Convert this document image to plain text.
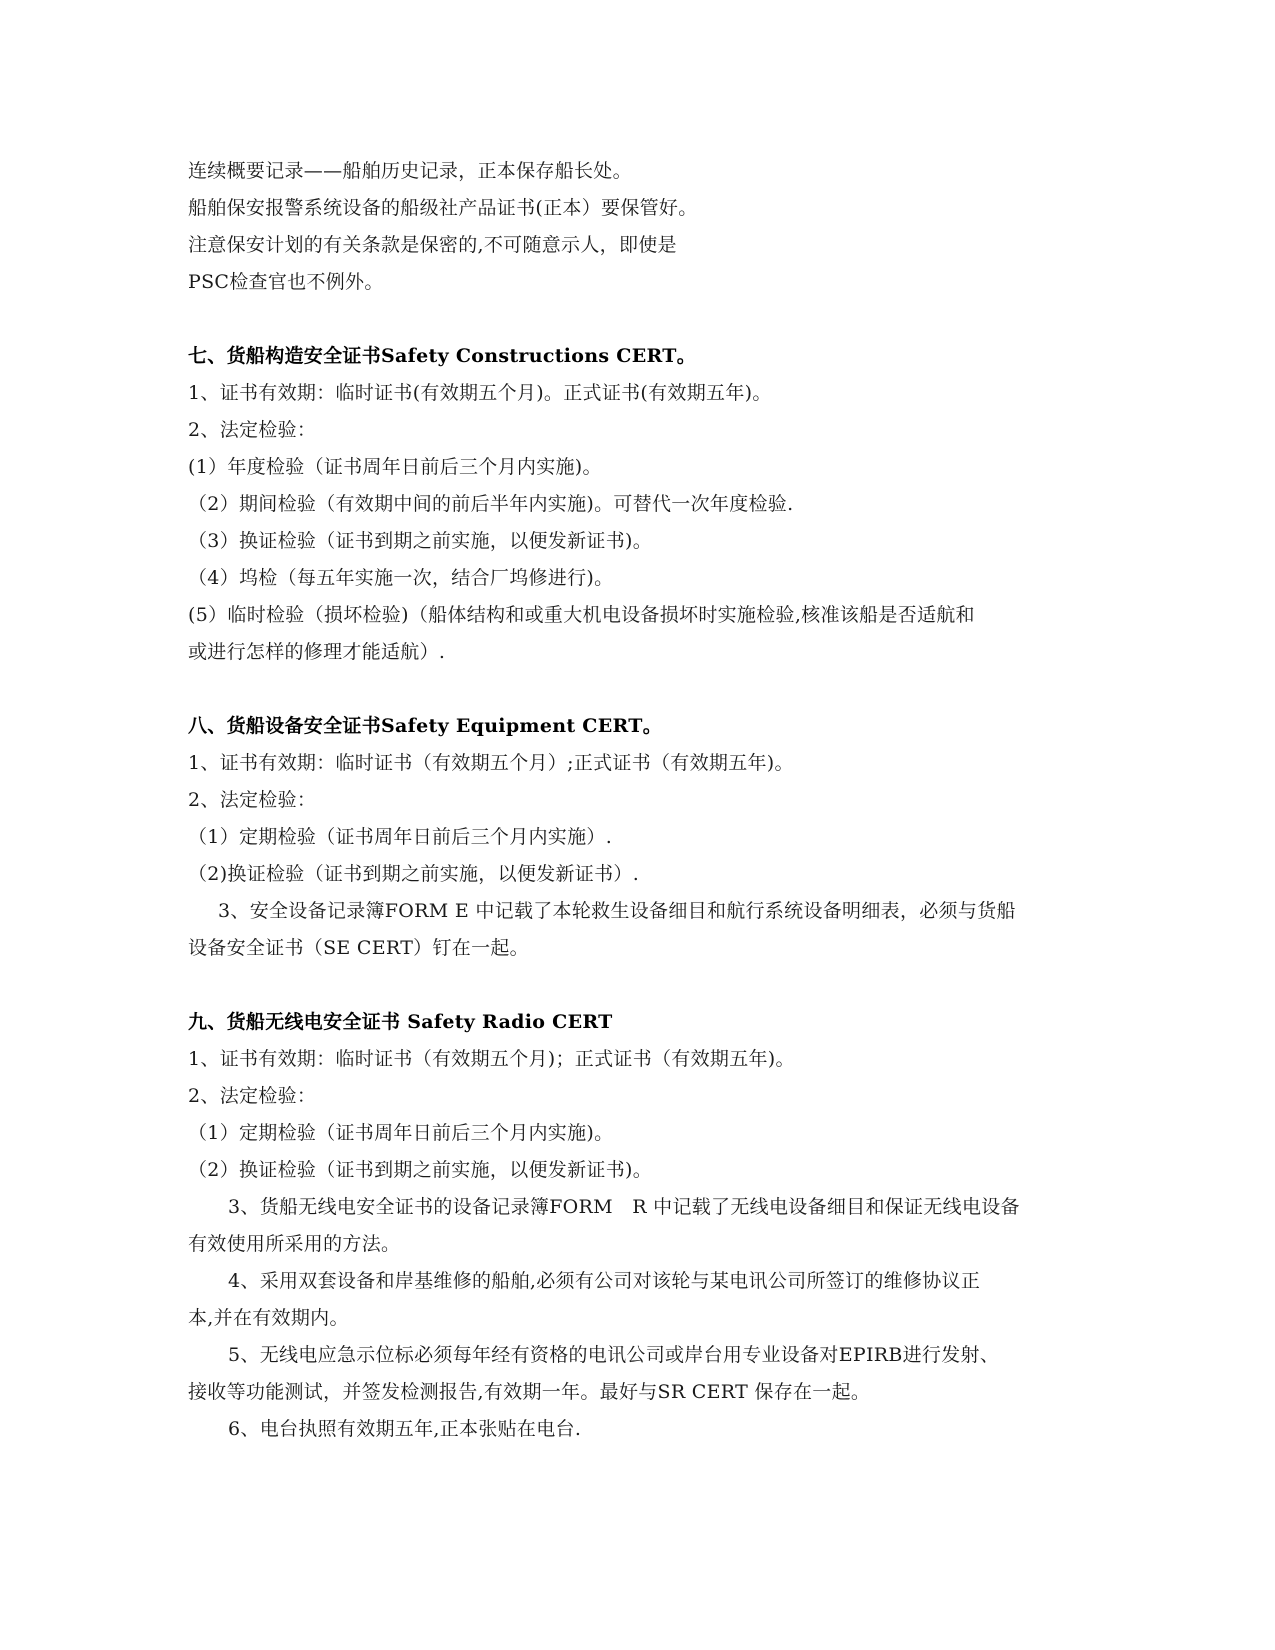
连续概要记录——船舶历史记录，正本保存船长处。
船舶保安报警系统设备的船级社产品证书(正本）要保管好。
注意保安计划的有关条款是保密的,不可随意示人，即使是
PSC检查官也不例外。
七、货船构造安全证书Safety Constructions CERT。
1、证书有效期：临时证书(有效期五个月)。正式证书(有效期五年)。
2、法定检验：
(1）年度检验（证书周年日前后三个月内实施)。
（2）期间检验（有效期中间的前后半年内实施)。可替代一次年度检验.
（3）换证检验（证书到期之前实施，以便发新证书)。
（4）坞检（每五年实施一次，结合厂坞修进行)。
(5）临时检验（损坏检验)（船体结构和或重大机电设备损坏时实施检验,核准该船是否适航和
或进行怎样的修理才能适航）.
八、货船设备安全证书Safety Equipment CERT。
1、证书有效期：临时证书（有效期五个月）;正式证书（有效期五年)。
2、法定检验：
（1）定期检验（证书周年日前后三个月内实施）.
（2)换证检验（证书到期之前实施，以便发新证书）.
3、安全设备记录簿FORM E 中记载了本轮救生设备细目和航行系统设备明细表，必须与货船
设备安全证书（SE CERT）钉在一起。
九、货船无线电安全证书 Safety Radio CERT
1、证书有效期：临时证书（有效期五个月)；正式证书（有效期五年)。
2、法定检验：
（1）定期检验（证书周年日前后三个月内实施)。
（2）换证检验（证书到期之前实施，以便发新证书)。
3、货船无线电安全证书的设备记录簿FORM　R 中记载了无线电设备细目和保证无线电设备
有效使用所采用的方法。
4、采用双套设备和岸基维修的船舶,必须有公司对该轮与某电讯公司所签订的维修协议正
本,并在有效期内。
5、无线电应急示位标必须每年经有资格的电讯公司或岸台用专业设备对EPIRB进行发射、
接收等功能测试，并签发检测报告,有效期一年。最好与SR CERT 保存在一起。
6、电台执照有效期五年,正本张贴在电台.
